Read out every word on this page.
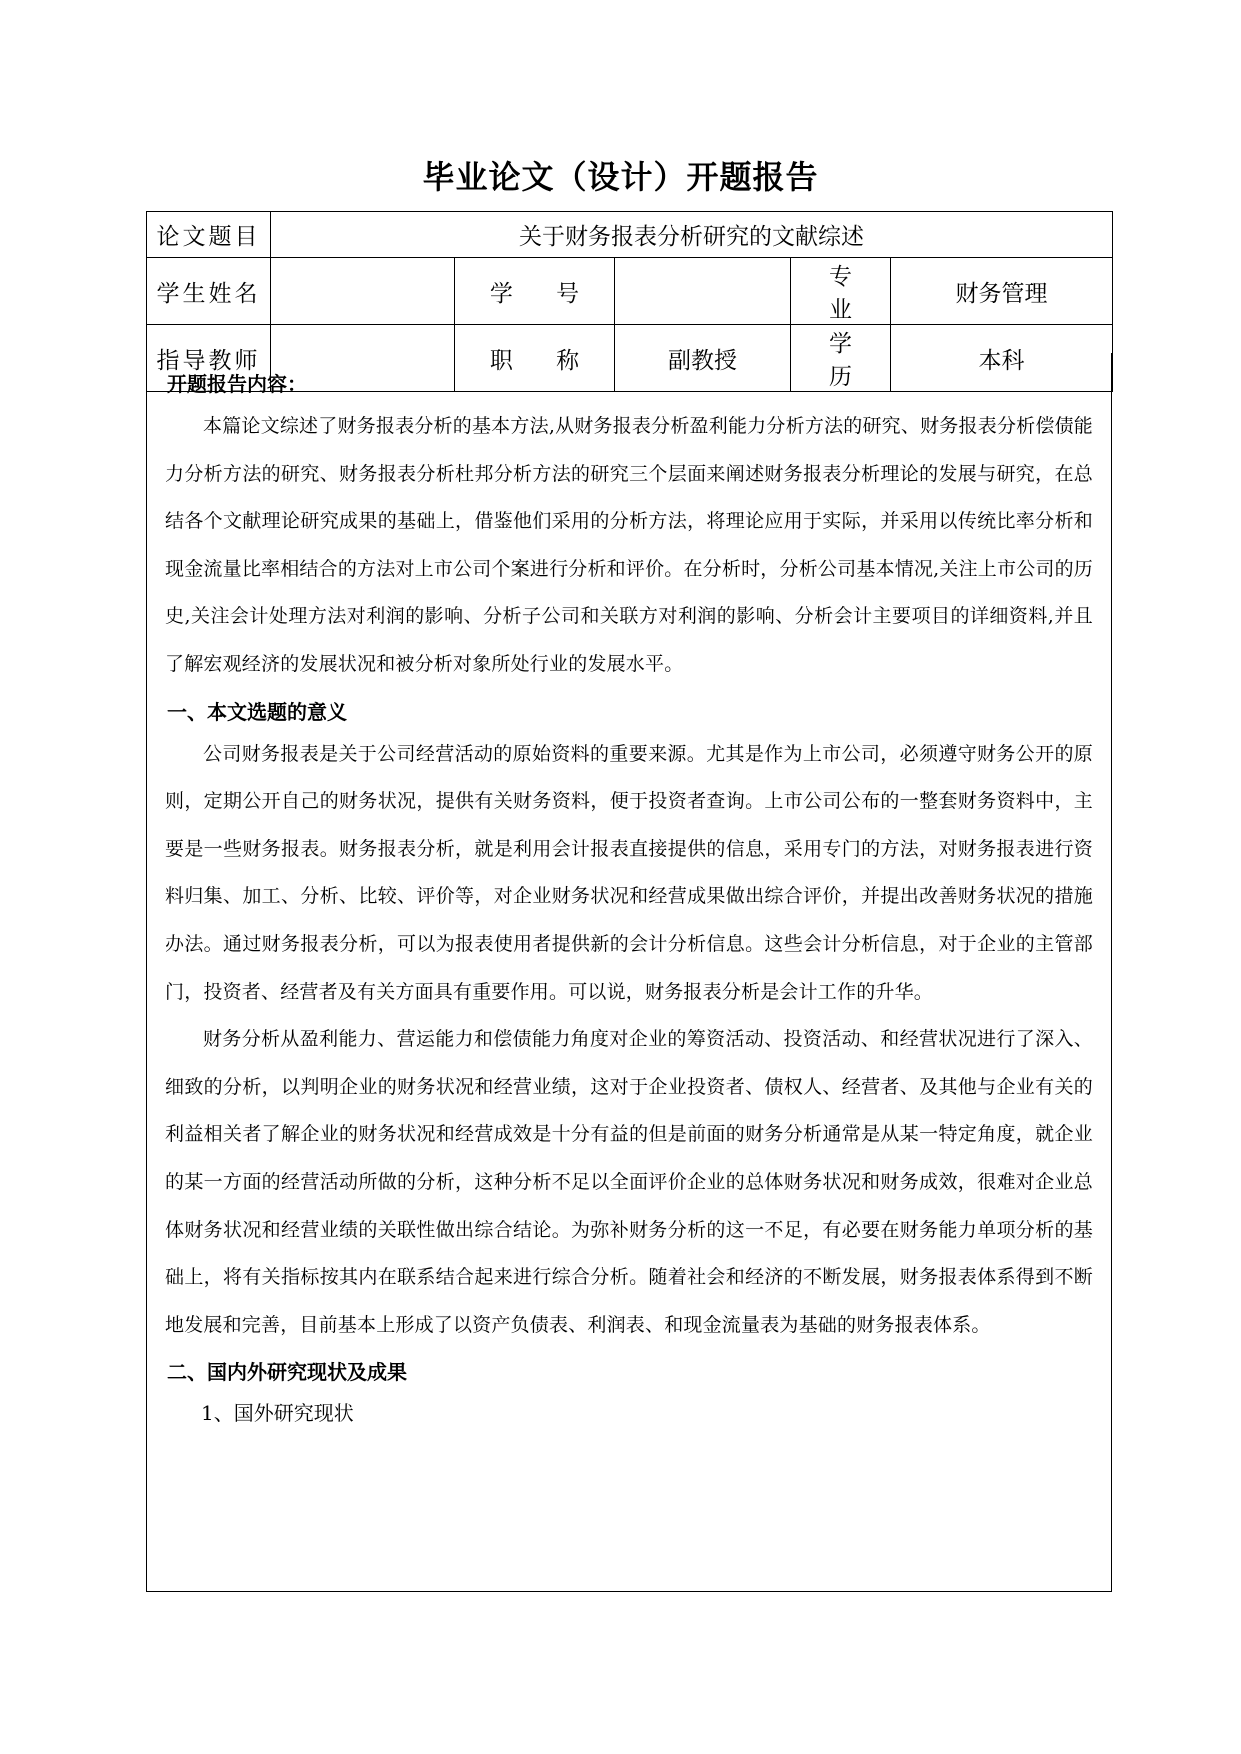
毕业论文（设计）开题报告
论文题目	关于财务报表分析研究的文献综述				
学生姓名		学 号		专 业	财务管理
指导教师		职 称	副教授	学 历	本科

开题报告内容：

本篇论文综述了财务报表分析的基本方法,从财务报表分析盈利能力分析方法的研究、财务报表分析偿债能力分析方法的研究、财务报表分析杜邦分析方法的研究三个层面来阐述财务报表分析理论的发展与研究，在总结各个文献理论研究成果的基础上，借鉴他们采用的分析方法，将理论应用于实际，并采用以传统比率分析和现金流量比率相结合的方法对上市公司个案进行分析和评价。在分析时，分析公司基本情况,关注上市公司的历史,关注会计处理方法对利润的影响、分析子公司和关联方对利润的影响、分析会计主要项目的详细资料,并且了解宏观经济的发展状况和被分析对象所处行业的发展水平。

一、本文选题的意义

公司财务报表是关于公司经营活动的原始资料的重要来源。尤其是作为上市公司，必须遵守财务公开的原则，定期公开自己的财务状况，提供有关财务资料，便于投资者查询。上市公司公布的一整套财务资料中，主要是一些财务报表。财务报表分析，就是利用会计报表直接提供的信息，采用专门的方法，对财务报表进行资料归集、加工、分析、比较、评价等，对企业财务状况和经营成果做出综合评价，并提出改善财务状况的措施办法。通过财务报表分析，可以为报表使用者提供新的会计分析信息。这些会计分析信息，对于企业的主管部门，投资者、经营者及有关方面具有重要作用。可以说，财务报表分析是会计工作的升华。

财务分析从盈利能力、营运能力和偿债能力角度对企业的筹资活动、投资活动、和经营状况进行了深入、细致的分析，以判明企业的财务状况和经营业绩，这对于企业投资者、债权人、经营者、及其他与企业有关的利益相关者了解企业的财务状况和经营成效是十分有益的但是前面的财务分析通常是从某一特定角度，就企业的某一方面的经营活动所做的分析，这种分析不足以全面评价企业的总体财务状况和财务成效，很难对企业总体财务状况和经营业绩的关联性做出综合结论。为弥补财务分析的这一不足，有必要在财务能力单项分析的基础上，将有关指标按其内在联系结合起来进行综合分析。随着社会和经济的不断发展，财务报表体系得到不断地发展和完善，目前基本上形成了以资产负债表、利润表、和现金流量表为基础的财务报表体系。

二、国内外研究现状及成果

1、国外研究现状
